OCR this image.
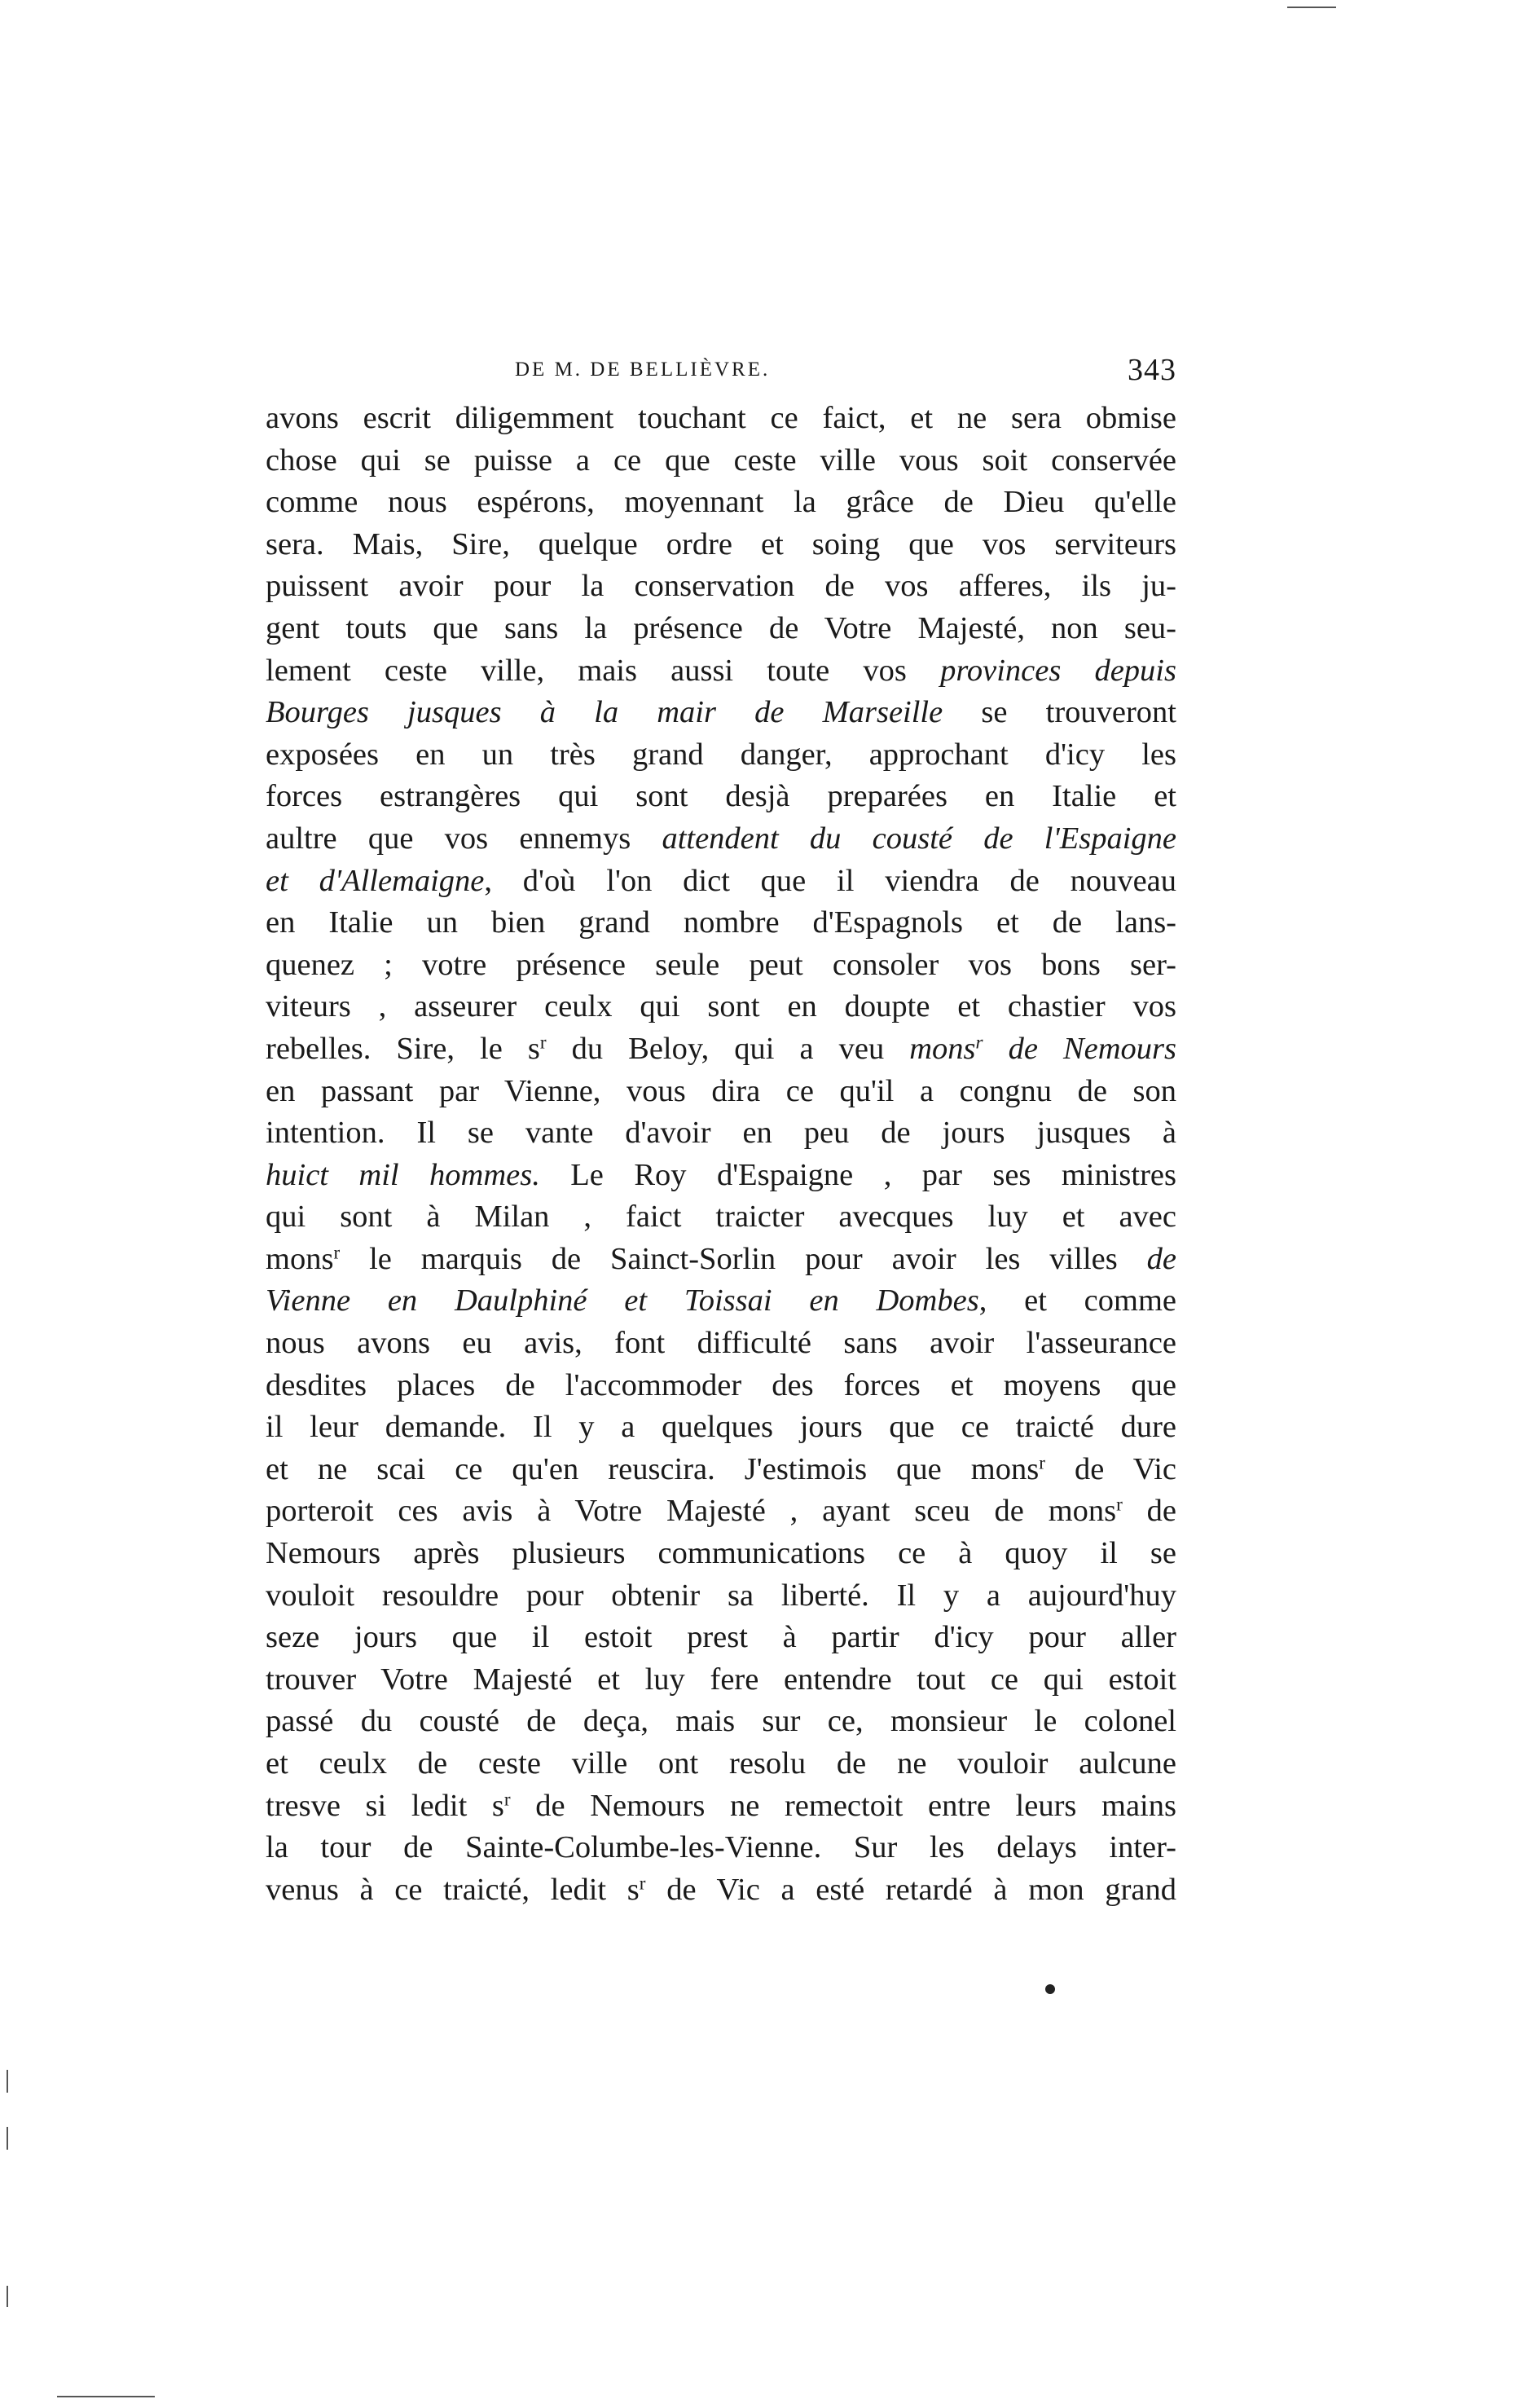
DE M. DE BELLIÈVRE.	343
avons escrit diligemment touchant ce faict, et ne sera obmise
chose qui se puisse a ce que ceste ville vous soit conservée
comme nous espérons, moyennant la grâce de Dieu qu'elle
sera. Mais, Sire, quelque ordre et soing que vos serviteurs
puissent avoir pour la conservation de vos afferes, ils ju-
gent touts que sans la présence de Votre Majesté, non seu-
lement ceste ville, mais aussi toute vos provinces depuis
Bourges jusques à la mair de Marseille se trouveront
exposées en un très grand danger, approchant d'icy les
forces estrangères qui sont desjà preparées en Italie et
aultre que vos ennemys attendent du cousté de l'Espaigne
et d'Allemaigne, d'où l'on dict que il viendra de nouveau
en Italie un bien grand nombre d'Espagnols et de lans-
quenez ; votre présence seule peut consoler vos bons ser-
viteurs , asseurer ceulx qui sont en doupte et chastier vos
rebelles. Sire, le $s^r$ du Beloy, qui a veu mons$^r$ de Nemours
en passant par Vienne, vous dira ce qu'il a congnu de son
intention. Il se vante d'avoir en peu de jours jusques à
huict mil hommes. Le Roy d'Espaigne , par ses ministres
qui sont à Milan , faict traicter avecques luy et avec
mons$^r$ le marquis de Sainct-Sorlin pour avoir les villes de
Vienne en Daulphiné et Toissai en Dombes, et comme
nous avons eu avis, font difficulté sans avoir l'asseurance
desdites places de l'accommoder des forces et moyens que
il leur demande. Il y a quelques jours que ce traicté dure
et ne scai ce qu'en reuscira. J'estimois que mons$^r$ de Vic
porteroit ces avis à Votre Majesté , ayant sceu de mons$^r$ de
Nemours après plusieurs communications ce à quoy il se
vouloit resouldre pour obtenir sa liberté. Il y a aujourd'huy
seze jours que il estoit prest à partir d'icy pour aller
trouver Votre Majesté et luy fere entendre tout ce qui estoit
passé du cousté de deça, mais sur ce, monsieur le colonel
et ceulx de ceste ville ont resolu de ne vouloir aulcune
tresve si ledit $s^r$ de Nemours ne remectoit entre leurs mains
la tour de Sainte-Columbe-les-Vienne. Sur les delays inter-
venus à ce traicté, ledit $s^r$ de Vic a esté retardé à mon grand
